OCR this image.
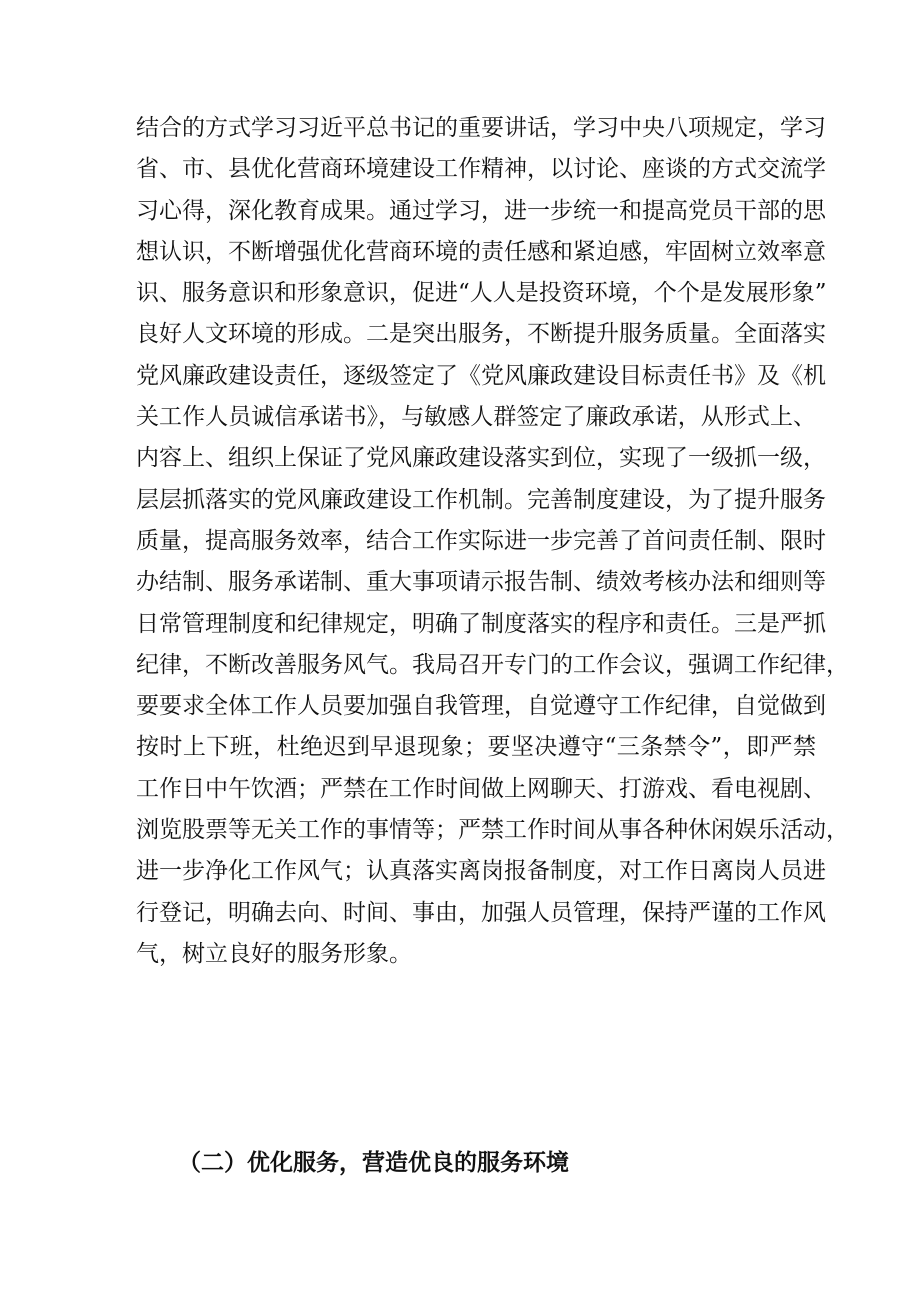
结合的方式学习习近平总书记的重要讲话，学习中央八项规定，学习
省、市、县优化营商环境建设工作精神，以讨论、座谈的方式交流学
习心得，深化教育成果。通过学习，进一步统一和提高党员干部的思
想认识，不断增强优化营商环境的责任感和紧迫感，牢固树立效率意
识、服务意识和形象意识，促进“人人是投资环境，个个是发展形象”
良好人文环境的形成。二是突出服务，不断提升服务质量。全面落实
党风廉政建设责任，逐级签定了《党风廉政建设目标责任书》及《机
关工作人员诚信承诺书》，与敏感人群签定了廉政承诺，从形式上、
内容上、组织上保证了党风廉政建设落实到位，实现了一级抓一级，
层层抓落实的党风廉政建设工作机制。完善制度建设，为了提升服务
质量，提高服务效率，结合工作实际进一步完善了首问责任制、限时
办结制、服务承诺制、重大事项请示报告制、绩效考核办法和细则等
日常管理制度和纪律规定，明确了制度落实的程序和责任。三是严抓
纪律，不断改善服务风气。我局召开专门的工作会议，强调工作纪律，
要要求全体工作人员要加强自我管理，自觉遵守工作纪律，自觉做到
按时上下班，杜绝迟到早退现象；要坚决遵守“三条禁令”，即严禁
工作日中午饮酒；严禁在工作时间做上网聊天、打游戏、看电视剧、
浏览股票等无关工作的事情等；严禁工作时间从事各种休闲娱乐活动，
进一步净化工作风气；认真落实离岗报备制度，对工作日离岗人员进
行登记，明确去向、时间、事由，加强人员管理，保持严谨的工作风
气，树立良好的服务形象。
（二）优化服务，营造优良的服务环境
